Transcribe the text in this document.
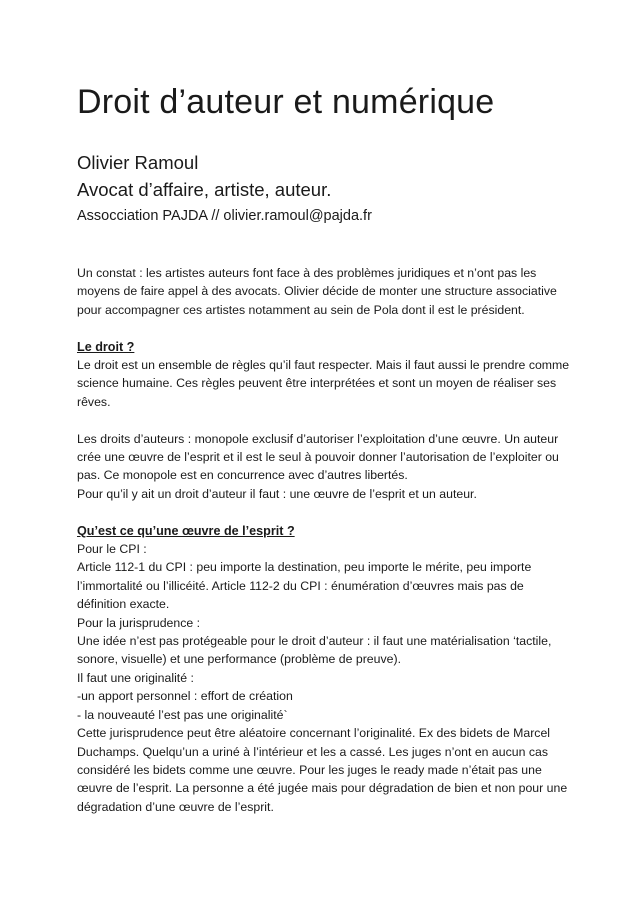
Droit d’auteur et numérique
Olivier Ramoul
Avocat d’affaire, artiste, auteur.
Assocciation PAJDA // olivier.ramoul@pajda.fr

Un constat : les artistes auteurs font face à des problèmes juridiques et n’ont pas les moyens de faire appel à des avocats. Olivier décide de monter une structure associative pour accompagner ces artistes notamment au sein de Pola dont il est le président.

Le droit ?

Le droit est un ensemble de règles qu’il faut respecter. Mais il faut aussi le prendre comme science humaine. Ces règles peuvent être interprétées et sont un moyen de réaliser ses rêves.

Les droits d’auteurs : monopole exclusif d’autoriser l’exploitation d’une œuvre. Un auteur crée une œuvre de l’esprit et il est le seul à pouvoir donner l’autorisation de l’exploiter ou pas. Ce monopole est en concurrence avec d’autres libertés.

Pour qu’il y ait un droit d’auteur il faut : une œuvre de l’esprit et un auteur.

Qu’est ce qu’une œuvre de l’esprit ?

Pour le CPI :

Article 112-1 du CPI : peu importe la destination, peu importe le mérite, peu importe l’immortalité ou l’illicéité. Article 112-2 du CPI : énumération d’œuvres mais pas de définition exacte.

Pour la jurisprudence :

Une idée n’est pas protégeable pour le droit d’auteur : il faut une matérialisation ‘tactile, sonore, visuelle) et une performance (problème de preuve).

Il faut une originalité :

-un apport personnel : effort de création

- la nouveauté l’est pas une originalité`

Cette jurisprudence peut être aléatoire concernant l’originalité. Ex des bidets de Marcel Duchamps. Quelqu’un a uriné à l’intérieur et les a cassé. Les juges n’ont en aucun cas considéré les bidets comme une œuvre. Pour les juges le ready made n’était pas une œuvre de l’esprit. La personne a été jugée mais pour dégradation de bien et non pour une dégradation d’une œuvre de l’esprit.
